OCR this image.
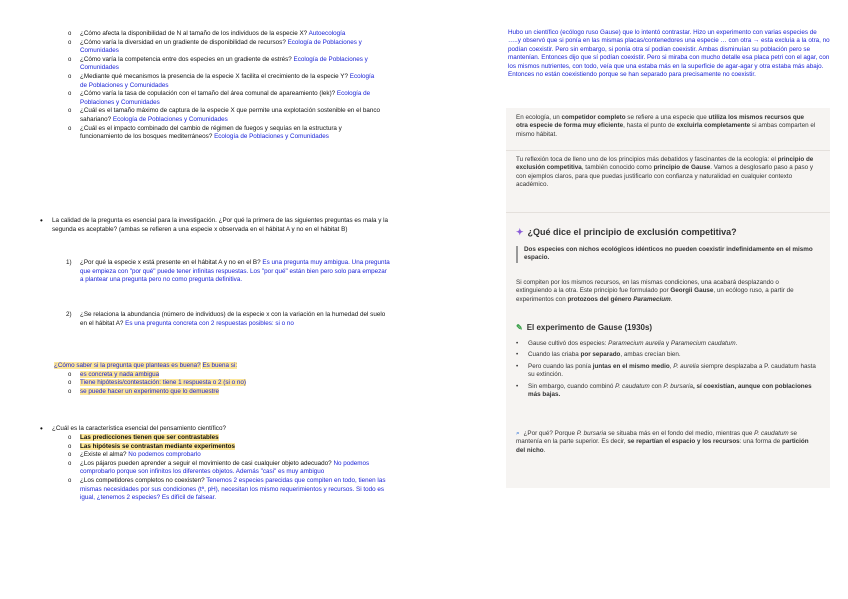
o ¿Cómo afecta la disponibilidad de N al tamaño de los individuos de la especie X? Autoecología
o ¿Cómo varía la diversidad en un gradiente de disponibilidad de recursos? Ecología de Poblaciones y Comunidades
o ¿Cómo varía la competencia entre dos especies en un gradiente de estrés? Ecología de Poblaciones y Comunidades
o ¿Mediante qué mecanismos la presencia de la especie X facilita el crecimiento de la especie Y? Ecología de Poblaciones y Comunidades
o ¿Cómo varía la tasa de copulación con el tamaño del área comunal de apareamiento (lek)? Ecología de Poblaciones y Comunidades
o ¿Cuál es el tamaño máximo de captura de la especie X que permite una explotación sostenible en el banco sahariano? Ecología de Poblaciones y Comunidades
o ¿Cuál es el impacto combinado del cambio de régimen de fuegos y sequías en la estructura y funcionamiento de los bosques mediterráneos? Ecología de Poblaciones y Comunidades
• La calidad de la pregunta es esencial para la investigación. ¿Por qué la primera de las siguientes preguntas es mala y la segunda es aceptable? (ambas se refieren a una especie x observada en el hábitat A y no en el hábitat B)
1) ¿Por qué la especie x está presente en el hábitat A y no en el B? Es una pregunta muy ambigua. Una pregunta que empieza con "por qué" puede tener infinitas respuestas. Los "por qué" están bien pero solo para empezar a plantear una pregunta pero no como pregunta definitiva.
2) ¿Se relaciona la abundancia (número de individuos) de la especie x con la variación en la humedad del suelo en el hábitat A? Es una pregunta concreta con 2 respuestas posibles: si o no
¿Cómo saber si la pregunta que planteas es buena? Es buena si:
o es concreta y nada ambigua
o Tiene hipótesis/contestación: tiene 1 respuesta o 2 (si o no)
o se puede hacer un experimento que lo demuestre
• ¿Cuál es la característica esencial del pensamiento científico?
o Las predicciones tienen que ser contrastables
o Las hipótesis se contrastan mediante experimentos
o ¿Existe el alma? No podemos comprobarlo
o ¿Los pájaros pueden aprender a seguir el movimiento de casi cualquier objeto adecuado? No podemos comprobarlo porque son infinitos los diferentes objetos. Además "casi" es muy ambiguo
o ¿Los competidores completos no coexisten? Tenemos 2 especies parecidas que compiten en todo, tienen las mismas necesidades por sus condiciones (tª, pH), necesitan los mismo requerimientos y recursos. Si todo es igual, ¿tenemos 2 especies? Es difícil de falsear.
Hubo un científico (ecólogo ruso Gause) que lo intentó contrastar. Hizo un experimento con varias especies de …..y observó que si ponía en las mismas placas/contenedores una especie … con otra → esta excluía a la otra, no podían coexistir. Pero sin embargo, si ponía otra sí podían coexistir. Ambas disminuían su población pero se mantenían. Entonces dijo que sí podían coexistir. Pero si miraba con mucho detalle esa placa petri con el agar, con los mismos nutrientes, con todo, veía que una estaba más en la superficie de agar-agar y otra estaba más abajo. Entonces no están coexistiendo porque se han separado para precisamente no coexistir.
En ecología, un competidor completo se refiere a una especie que utiliza los mismos recursos que otra especie de forma muy eficiente, hasta el punto de excluirla completamente si ambas comparten el mismo hábitat.
Tu reflexión toca de lleno uno de los principios más debatidos y fascinantes de la ecología: el principio de exclusión competitiva, también conocido como principio de Gause. Vamos a desglosarlo paso a paso y con ejemplos claros, para que puedas justificarlo con confianza y naturalidad en cualquier contexto académico.
✦ ¿Qué dice el principio de exclusión competitiva?
Dos especies con nichos ecológicos idénticos no pueden coexistir indefinidamente en el mismo espacio.
Si compiten por los mismos recursos, en las mismas condiciones, una acabará desplazando o extinguiendo a la otra. Este principio fue formulado por Georgii Gause, un ecólogo ruso, a partir de experimentos con protozoos del género Paramecium.
✎ El experimento de Gause (1930s)
• Gause cultivó dos especies: Paramecium aurelia y Paramecium caudatum.
• Cuando las criaba por separado, ambas crecían bien.
• Pero cuando las ponía juntas en el mismo medio, P. aurelia siempre desplazaba a P. caudatum hasta su extinción.
• Sin embargo, cuando combinó P. caudatum con P. bursaria, sí coexistían, aunque con poblaciones más bajas.
⌕ ¿Por qué? Porque P. bursaria se situaba más en el fondo del medio, mientras que P. caudatum se mantenía en la parte superior. Es decir, se repartían el espacio y los recursos: una forma de partición del nicho.
